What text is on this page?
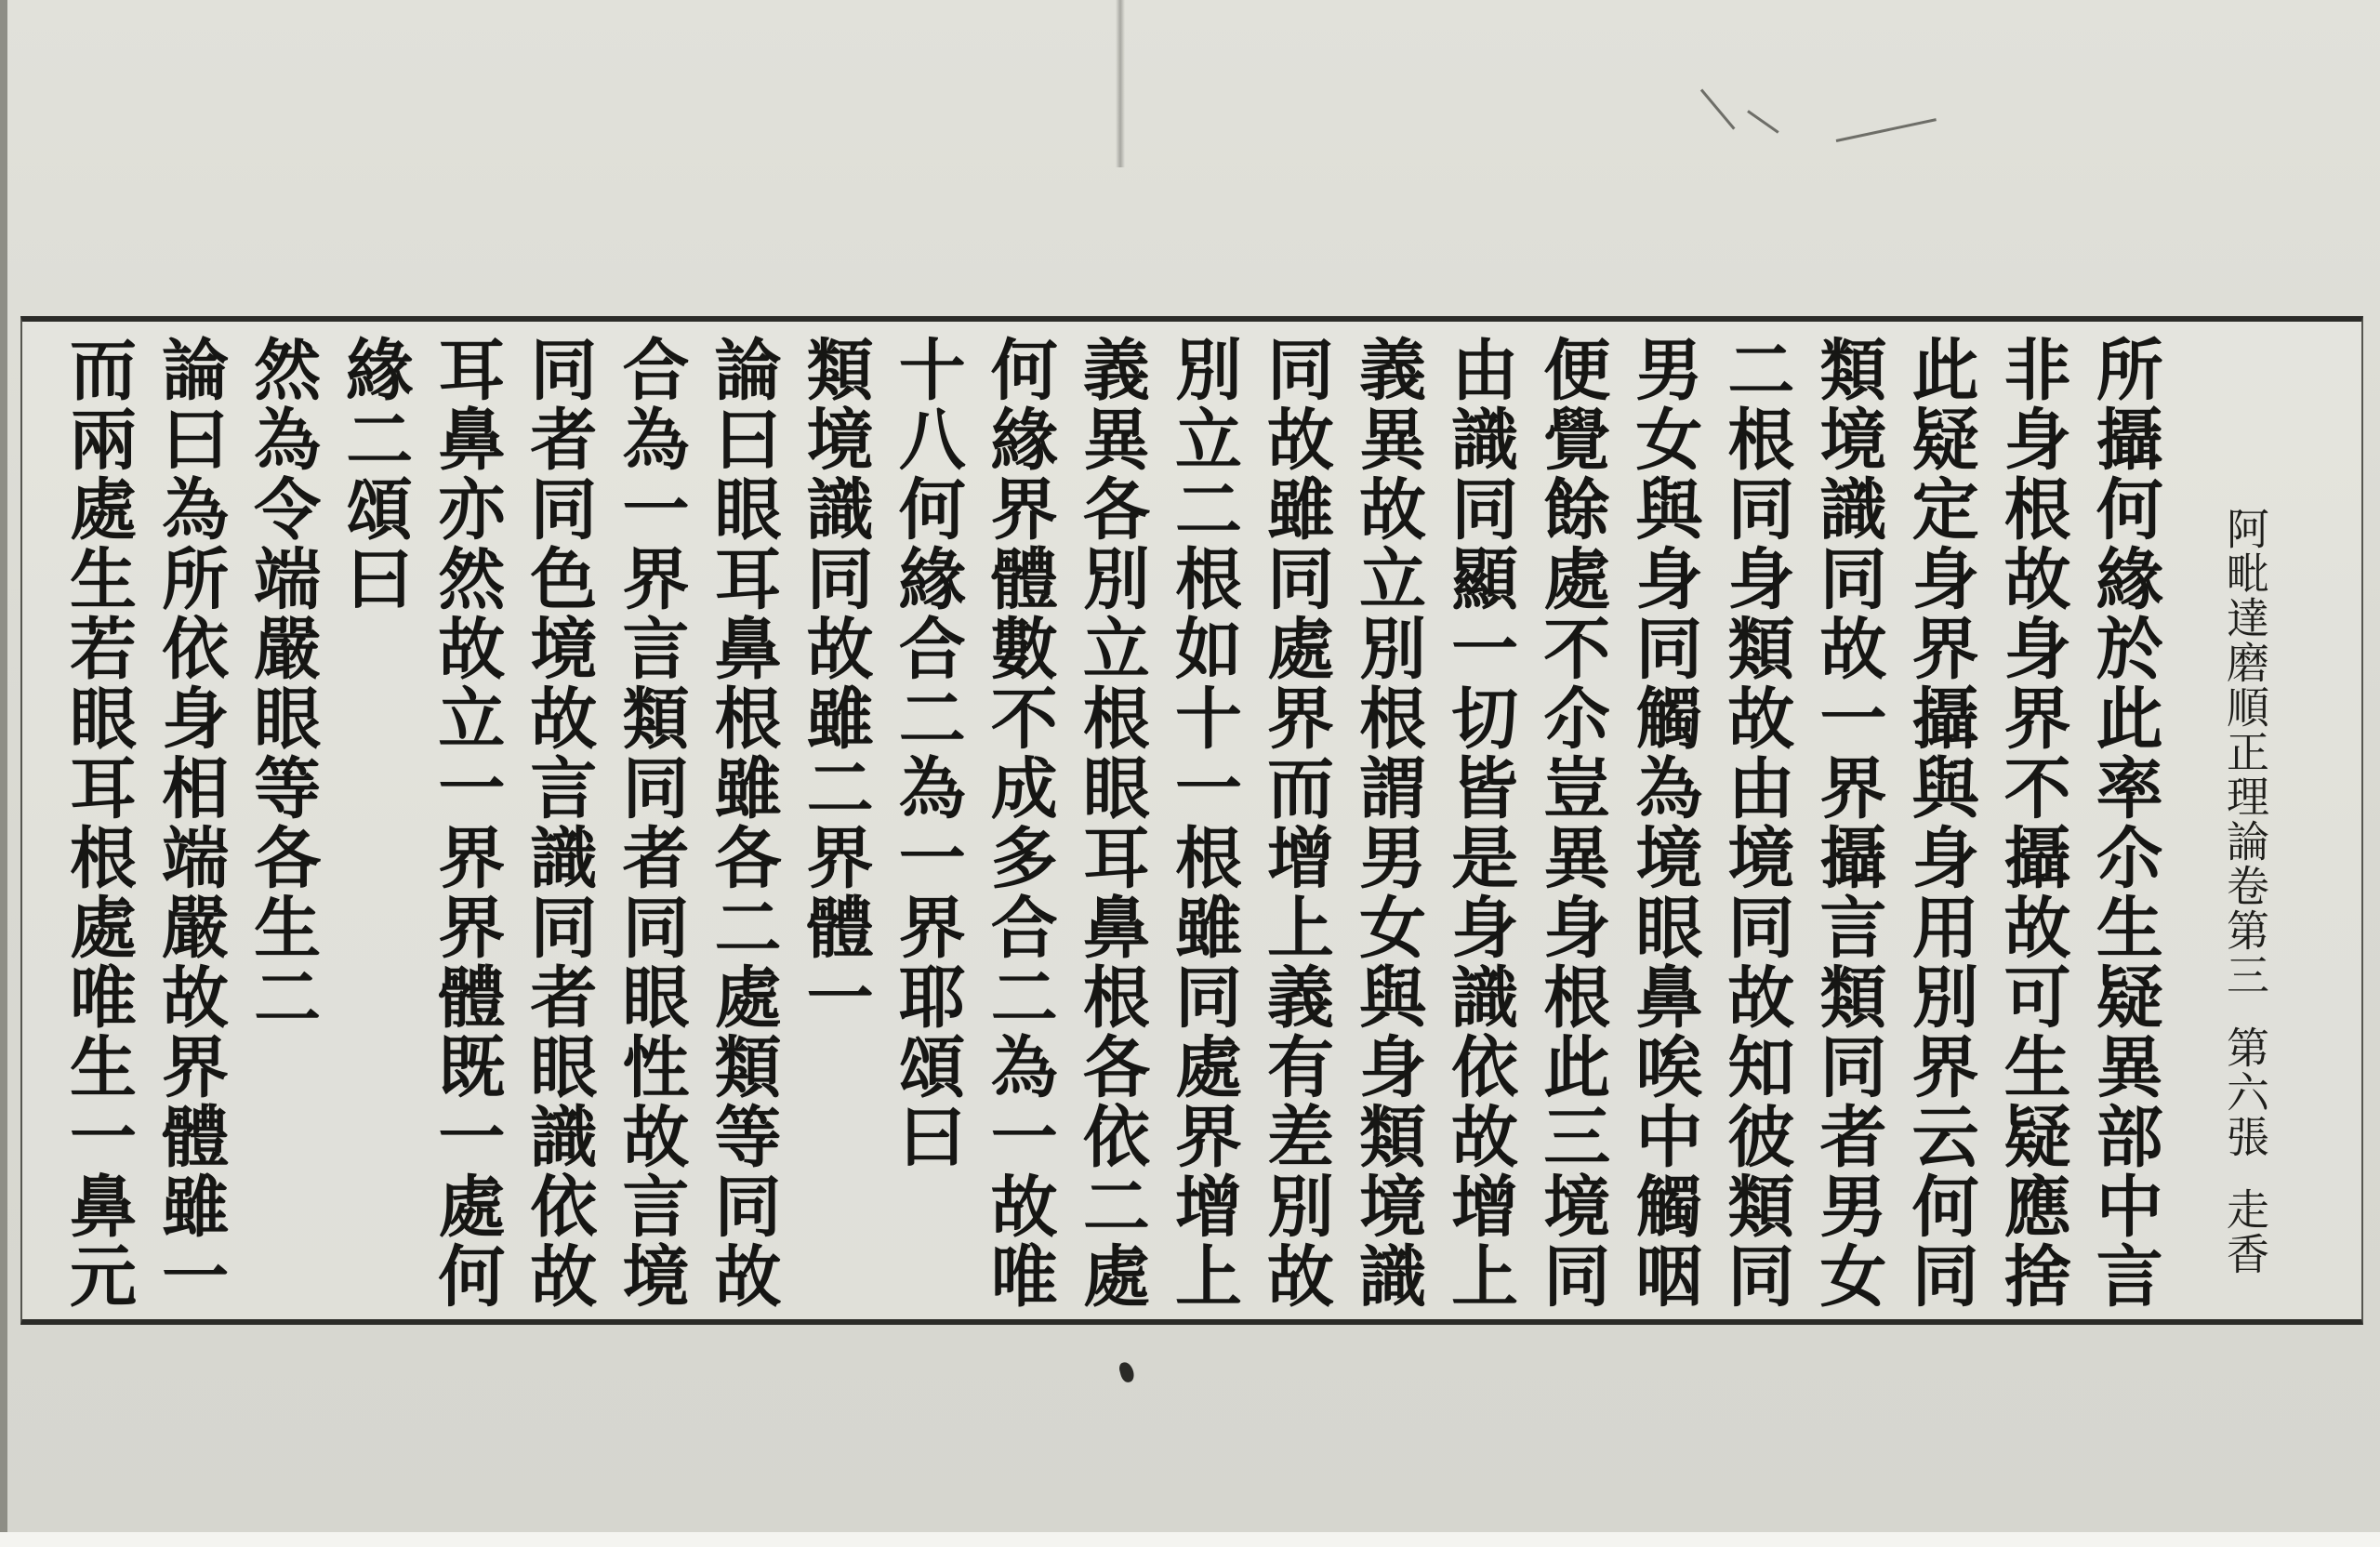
阿毗達磨順正理論卷第三第六張走香
所攝何緣於此率尒生疑異部中言
非身根故身界不攝故可生疑應捨
此疑定身界攝與身用別界云何同
類境識同故一界攝言類同者男女
二根同身類故由境同故知彼類同
男女與身同觸為境眼鼻唉中觸咽
便覺餘處不尒豈異身根此三境同
由識同顯一切皆是身識依故增上
義異故立別根謂男女與身類境識
同故雖同處界而增上義有差別故
別立二根如十一根雖同處界增上
義異各別立根眼耳鼻根各依二處
何緣界體數不成多合二為一故唯
十八何緣合二為一界耶頌曰
類境識同故雖二界體一
論曰眼耳鼻根雖各二處類等同故
合為一界言類同者同眼性故言境
同者同色境故言識同者眼識依故
耳鼻亦然故立一界界體既一處何
緣二頌曰
然為令端嚴眼等各生二
論曰為所依身相端嚴故界體雖一
而兩處生若眼耳根處唯生一鼻元
